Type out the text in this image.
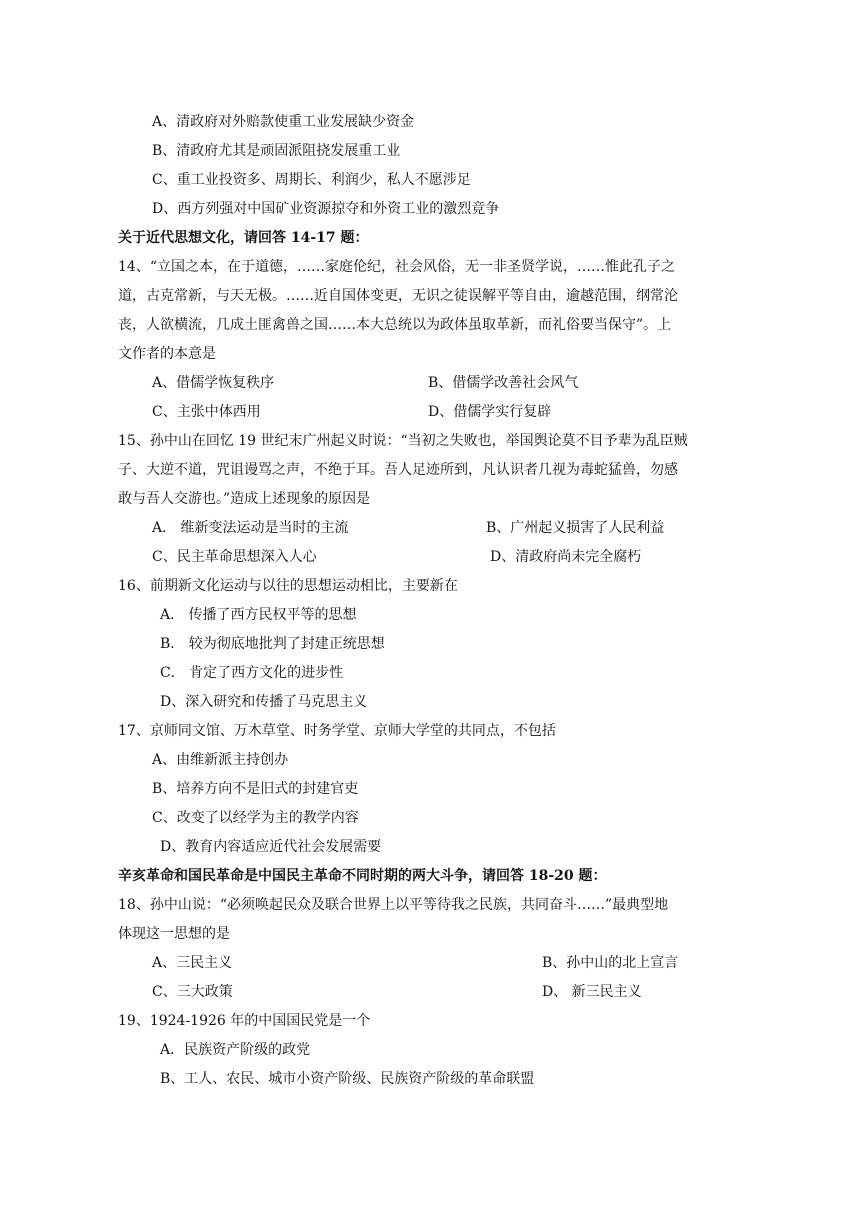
A、清政府对外赔款使重工业发展缺少资金
B、清政府尤其是顽固派阻挠发展重工业
C、重工业投资多、周期长、利润少，私人不愿涉足
D、西方列强对中国矿业资源掠夺和外资工业的激烈竞争
关于近代思想文化，请回答 14-17 题：
14、“立国之本，在于道德，……家庭伦纪，社会风俗，无一非圣贤学说，……惟此孔子之
道，古克常新，与天无极。……近自国体变更，无识之徒误解平等自由，逾越范围，纲常沦
丧，人欲横流，几成土匪禽兽之国……本大总统以为政体虽取革新，而礼俗要当保守”。上
文作者的本意是
A、借儒学恢复秩序	B、借儒学改善社会风气
C、主张中体西用	D、借儒学实行复辟
15、孙中山在回忆 19 世纪末广州起义时说：“当初之失败也，举国舆论莫不目予辈为乱臣贼
子、大逆不道，咒诅谩骂之声，不绝于耳。吾人足迹所到，凡认识者几视为毒蛇猛兽，勿感
敢与吾人交游也。”造成上述现象的原因是
A． 维新变法运动是当时的主流	B、广州起义损害了人民利益
C、民主革命思想深入人心	D、清政府尚未完全腐朽
16、前期新文化运动与以往的思想运动相比，主要新在
A． 传播了西方民权平等的思想
B． 较为彻底地批判了封建正统思想
C． 肯定了西方文化的进步性
D、深入研究和传播了马克思主义
17、京师同文馆、万木草堂、时务学堂、京师大学堂的共同点，不包括
A、由维新派主持创办
B、培养方向不是旧式的封建官吏
C、改变了以经学为主的教学内容
D、教育内容适应近代社会发展需要
辛亥革命和国民革命是中国民主革命不同时期的两大斗争，请回答 18-20 题：
18、孙中山说：“必须唤起民众及联合世界上以平等待我之民族，共同奋斗……”最典型地
体现这一思想的是
A、三民主义	B、孙中山的北上宣言
C、三大政策	D、 新三民主义
19、1924-1926 年的中国国民党是一个
A．民族资产阶级的政党
B、工人、农民、城市小资产阶级、民族资产阶级的革命联盟
